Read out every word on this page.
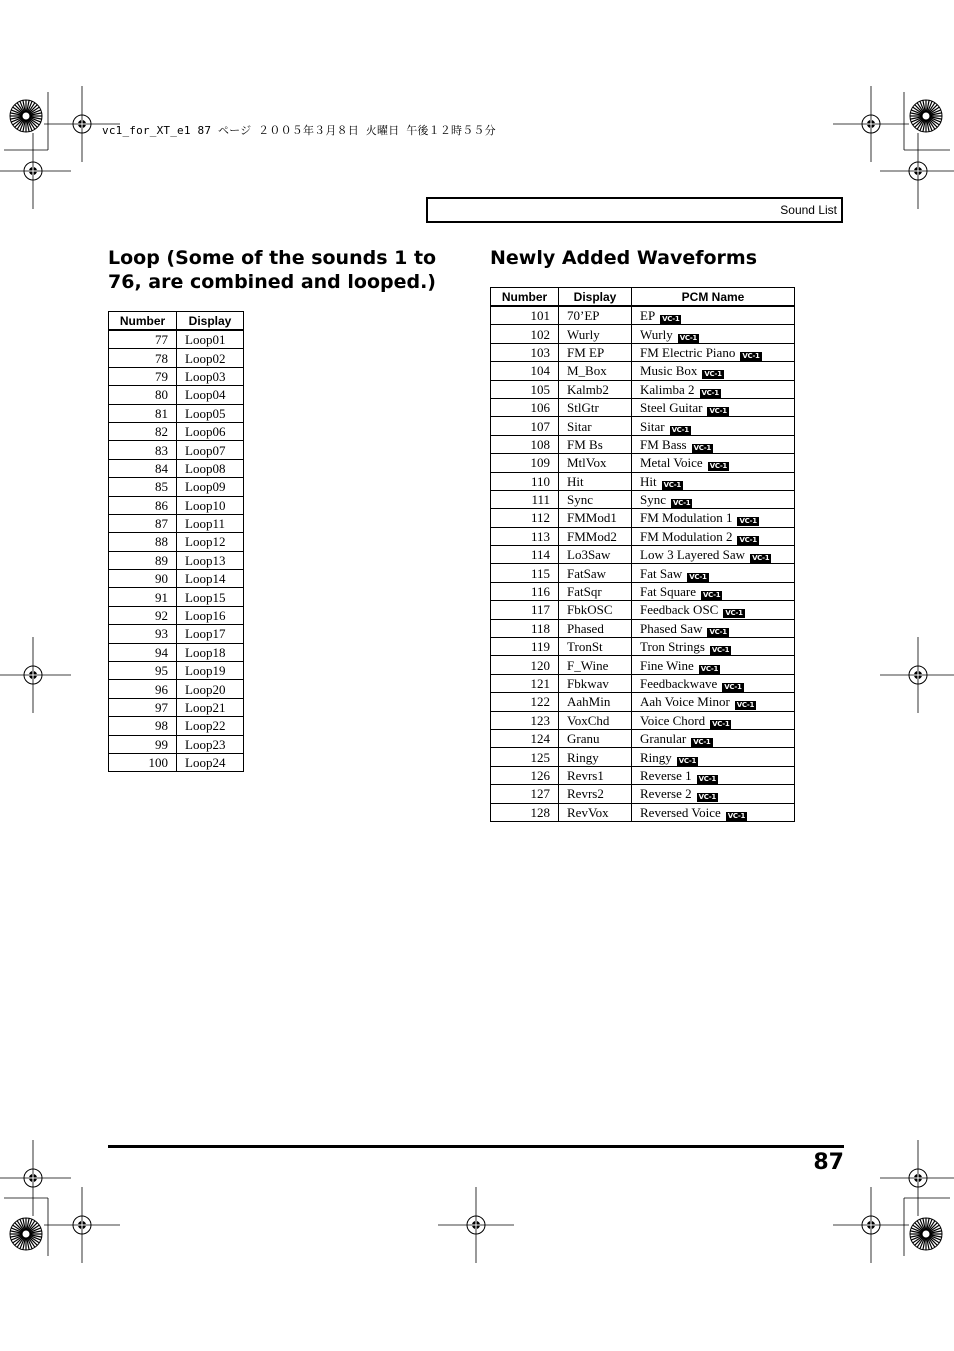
vc1_for_XT_e1 87 ページ ２００５年３月８日 火曜日 午後１２時５５分
Sound List
Loop (Some of the sounds 1 to 76, are combined and looped.)
Newly Added Waveforms
Number	Display
77	Loop01
78	Loop02
79	Loop03
80	Loop04
81	Loop05
82	Loop06
83	Loop07
84	Loop08
85	Loop09
86	Loop10
87	Loop11
88	Loop12
89	Loop13
90	Loop14
91	Loop15
92	Loop16
93	Loop17
94	Loop18
95	Loop19
96	Loop20
97	Loop21
98	Loop22
99	Loop23
100	Loop24
Number	Display	PCM Name
101	70’EP	EP VC-1
102	Wurly	Wurly VC-1
103	FM EP	FM Electric Piano VC-1
104	M_Box	Music Box VC-1
105	Kalmb2	Kalimba 2 VC-1
106	StlGtr	Steel Guitar VC-1
107	Sitar	Sitar VC-1
108	FM Bs	FM Bass VC-1
109	MtlVox	Metal Voice VC-1
110	Hit	Hit VC-1
111	Sync	Sync VC-1
112	FMMod1	FM Modulation 1 VC-1
113	FMMod2	FM Modulation 2 VC-1
114	Lo3Saw	Low 3 Layered Saw VC-1
115	FatSaw	Fat Saw VC-1
116	FatSqr	Fat Square VC-1
117	FbkOSC	Feedback OSC VC-1
118	Phased	Phased Saw VC-1
119	TronSt	Tron Strings VC-1
120	F_Wine	Fine Wine VC-1
121	Fbkwav	Feedbackwave VC-1
122	AahMin	Aah Voice Minor VC-1
123	VoxChd	Voice Chord VC-1
124	Granu	Granular VC-1
125	Ringy	Ringy VC-1
126	Revrs1	Reverse 1 VC-1
127	Revrs2	Reverse 2 VC-1
128	RevVox	Reversed Voice VC-1
87
